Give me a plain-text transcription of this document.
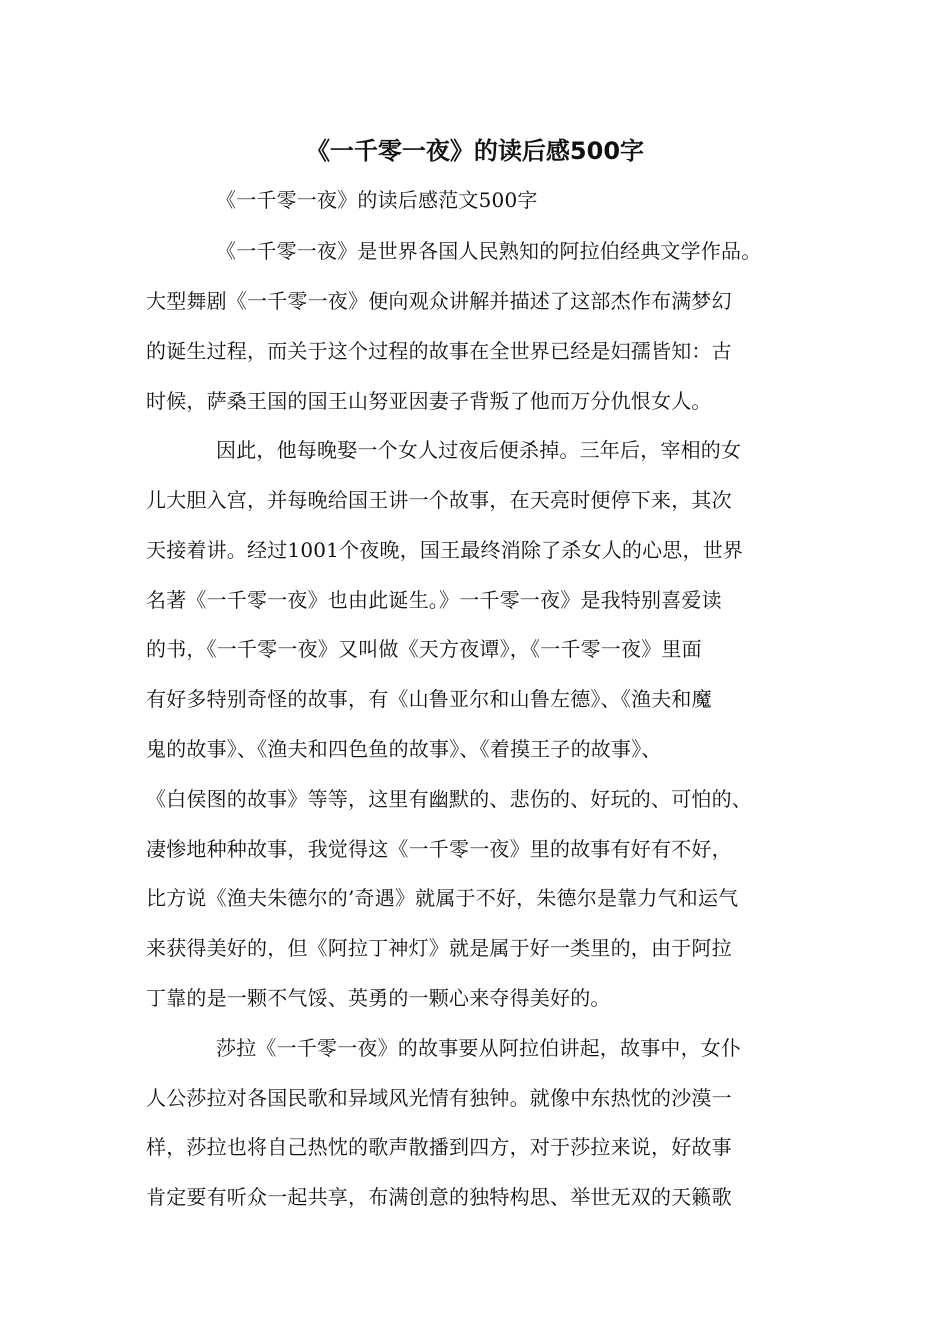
《一千零一夜》的读后感500字
《一千零一夜》的读后感范文500字
《一千零一夜》是世界各国人民熟知的阿拉伯经典文学作品。
大型舞剧《一千零一夜》便向观众讲解并描述了这部杰作布满梦幻
的诞生过程，而关于这个过程的故事在全世界已经是妇孺皆知：古
时候，萨桑王国的国王山努亚因妻子背叛了他而万分仇恨女人。
因此，他每晚娶一个女人过夜后便杀掉。三年后，宰相的女
儿大胆入宫，并每晚给国王讲一个故事，在天亮时便停下来，其次
天接着讲。经过1001个夜晚，国王最终消除了杀女人的心思，世界
名著《一千零一夜》也由此诞生。》一千零一夜》是我特别喜爱读
的书，《一千零一夜》又叫做《天方夜谭》，《一千零一夜》里面
有好多特别奇怪的故事，有《山鲁亚尔和山鲁左德》、《渔夫和魔
鬼的故事》、《渔夫和四色鱼的故事》、《着摸王子的故事》、
《白侯图的故事》等等，这里有幽默的、悲伤的、好玩的、可怕的、
凄惨地种种故事，我觉得这《一千零一夜》里的故事有好有不好，
比方说《渔夫朱德尔的’奇遇》就属于不好，朱德尔是靠力气和运气
来获得美好的，但《阿拉丁神灯》就是属于好一类里的，由于阿拉
丁靠的是一颗不气馁、英勇的一颗心来夺得美好的。
莎拉《一千零一夜》的故事要从阿拉伯讲起，故事中，女仆
人公莎拉对各国民歌和异域风光情有独钟。就像中东热忱的沙漠一
样，莎拉也将自己热忱的歌声散播到四方，对于莎拉来说，好故事
肯定要有听众一起共享，布满创意的独特构思、举世无双的天籁歌
